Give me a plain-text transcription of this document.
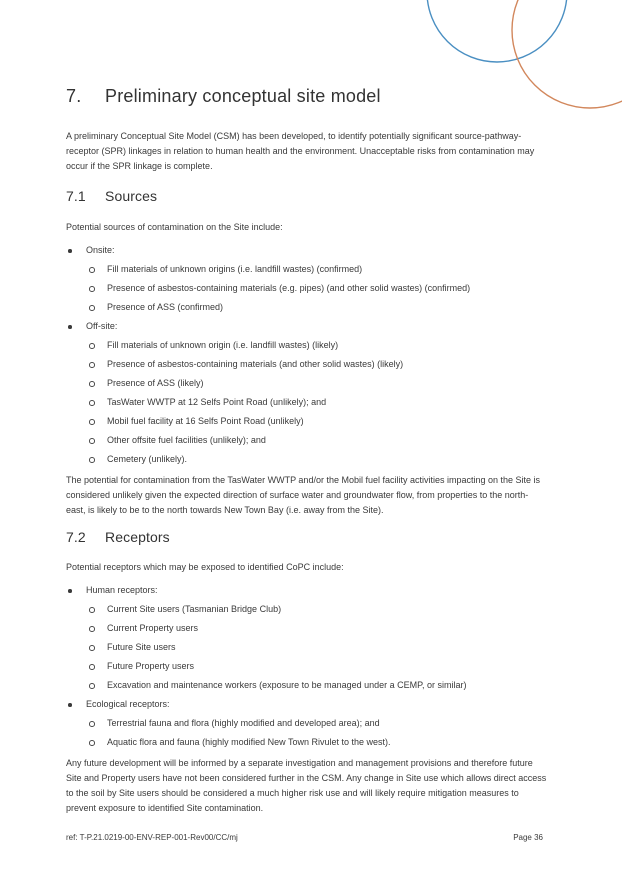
7. Preliminary conceptual site model
A preliminary Conceptual Site Model (CSM) has been developed, to identify potentially significant source-pathway-
receptor (SPR) linkages in relation to human health and the environment. Unacceptable risks from contamination may
occur if the SPR linkage is complete.
7.1 Sources
Potential sources of contamination on the Site include:
Onsite:
Fill materials of unknown origins (i.e. landfill wastes) (confirmed)
Presence of asbestos-containing materials (e.g. pipes) (and other solid wastes) (confirmed)
Presence of ASS (confirmed)
Off-site:
Fill materials of unknown origin (i.e. landfill wastes) (likely)
Presence of asbestos-containing materials (and other solid wastes) (likely)
Presence of ASS (likely)
TasWater WWTP at 12 Selfs Point Road (unlikely); and
Mobil fuel facility at 16 Selfs Point Road (unlikely)
Other offsite fuel facilities (unlikely); and
Cemetery (unlikely).
The potential for contamination from the TasWater WWTP and/or the Mobil fuel facility activities impacting on the Site is
considered unlikely given the expected direction of surface water and groundwater flow, from properties to the north-
east, is likely to be to the north towards New Town Bay (i.e. away from the Site).
7.2 Receptors
Potential receptors which may be exposed to identified CoPC include:
Human receptors:
Current Site users (Tasmanian Bridge Club)
Current Property users
Future Site users
Future Property users
Excavation and maintenance workers (exposure to be managed under a CEMP, or similar)
Ecological receptors:
Terrestrial fauna and flora (highly modified and developed area); and
Aquatic flora and fauna (highly modified New Town Rivulet to the west).
Any future development will be informed by a separate investigation and management provisions and therefore future
Site and Property users have not been considered further in the CSM. Any change in Site use which allows direct access
to the soil by Site users should be considered a much higher risk use and will likely require mitigation measures to
prevent exposure to identified Site contamination.
ref: T-P.21.0219-00-ENV-REP-001-Rev00/CC/mj	Page 36
